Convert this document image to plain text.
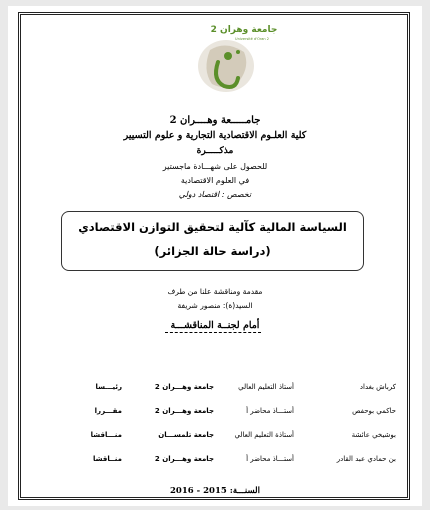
جامعة وهران 2
Université d'Oran 2
جامـــــعة وهــــران 2
كلية العلـوم الاقتصادية التجارية و علوم التسيير
مذكـــــرة
للحصول على شهـــادة ماجستير
في العلوم الاقتصادية
تخصص : اقتصاد دولي
السياسة المالية كآلية لتحقيق التوازن الاقتصادي
(دراسة حالة الجزائر)
مقدمة ومناقشة علنا من طرف
السيد(ة): منصور شريفة
أمام لجنــة المناقشـــة
كرباش بغداد
أستاذ التعليم العالي
جامعة وهـــران 2
رئيـــسا
حاكمي بوحفص
أستـــاذ محاضر أ
جامعة وهـــران 2
مقـــررا
بوشيخي عائشة
أستاذة التعليم العالي
جامعة تلمســـان
منـــاقشا
بن حمادي عبد القادر
أستـــاذ محاضر أ
جامعة وهـــران 2
منــاقشا
السنـــة: 2015 - 2016
